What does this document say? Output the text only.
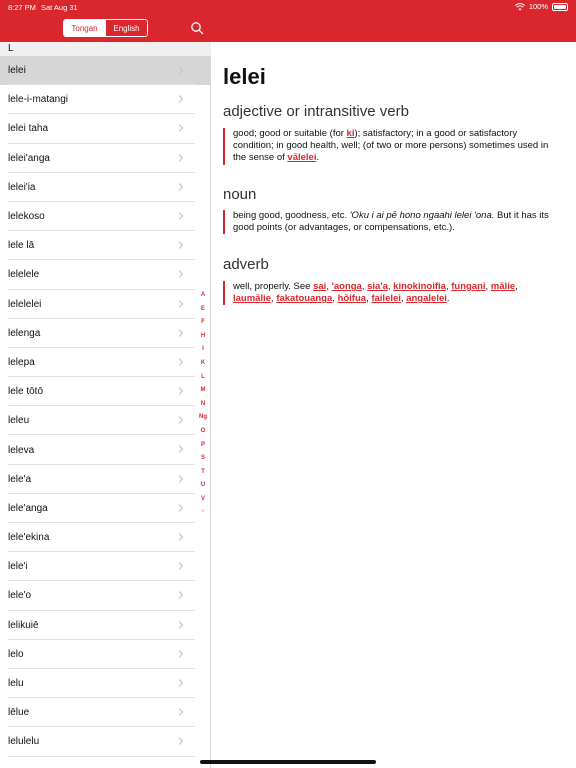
8:27 PM Sat Aug 31	100%
Tongan	English
L
lelei
lele-i-matangi
lelei taha
lelei'anga
lelei'ia
lelekoso
lele lā
lelelele
lelelelei
lelenga
lelepa
lele tōtō
leleu
leleva
lele'a
lele'anga
lele'ekina
lele'i
lele'o
lelikuiē
lelo
lelu
lēlue
lelulelu
A
E
F
H
I
K
L
M
N
Ng
O
P
S
T
U
V
‘
lelei
adjective or intransitive verb
good; good or suitable (for ki); satisfactory; in a good or satisfactory condition; in good health, well; (of two or more persons) sometimes used in the sense of vālelei.
noun
being good, goodness, etc. 'Oku i ai pē hono ngaahi lelei 'ona. But it has its good points (or advantages, or compensations, etc.).
adverb
well, properly. See sai, 'aonga, sia'a, kinokinoifia, fungani, mālie, laumālie, fakatouanga, hōifua, failelei, angalelei.
